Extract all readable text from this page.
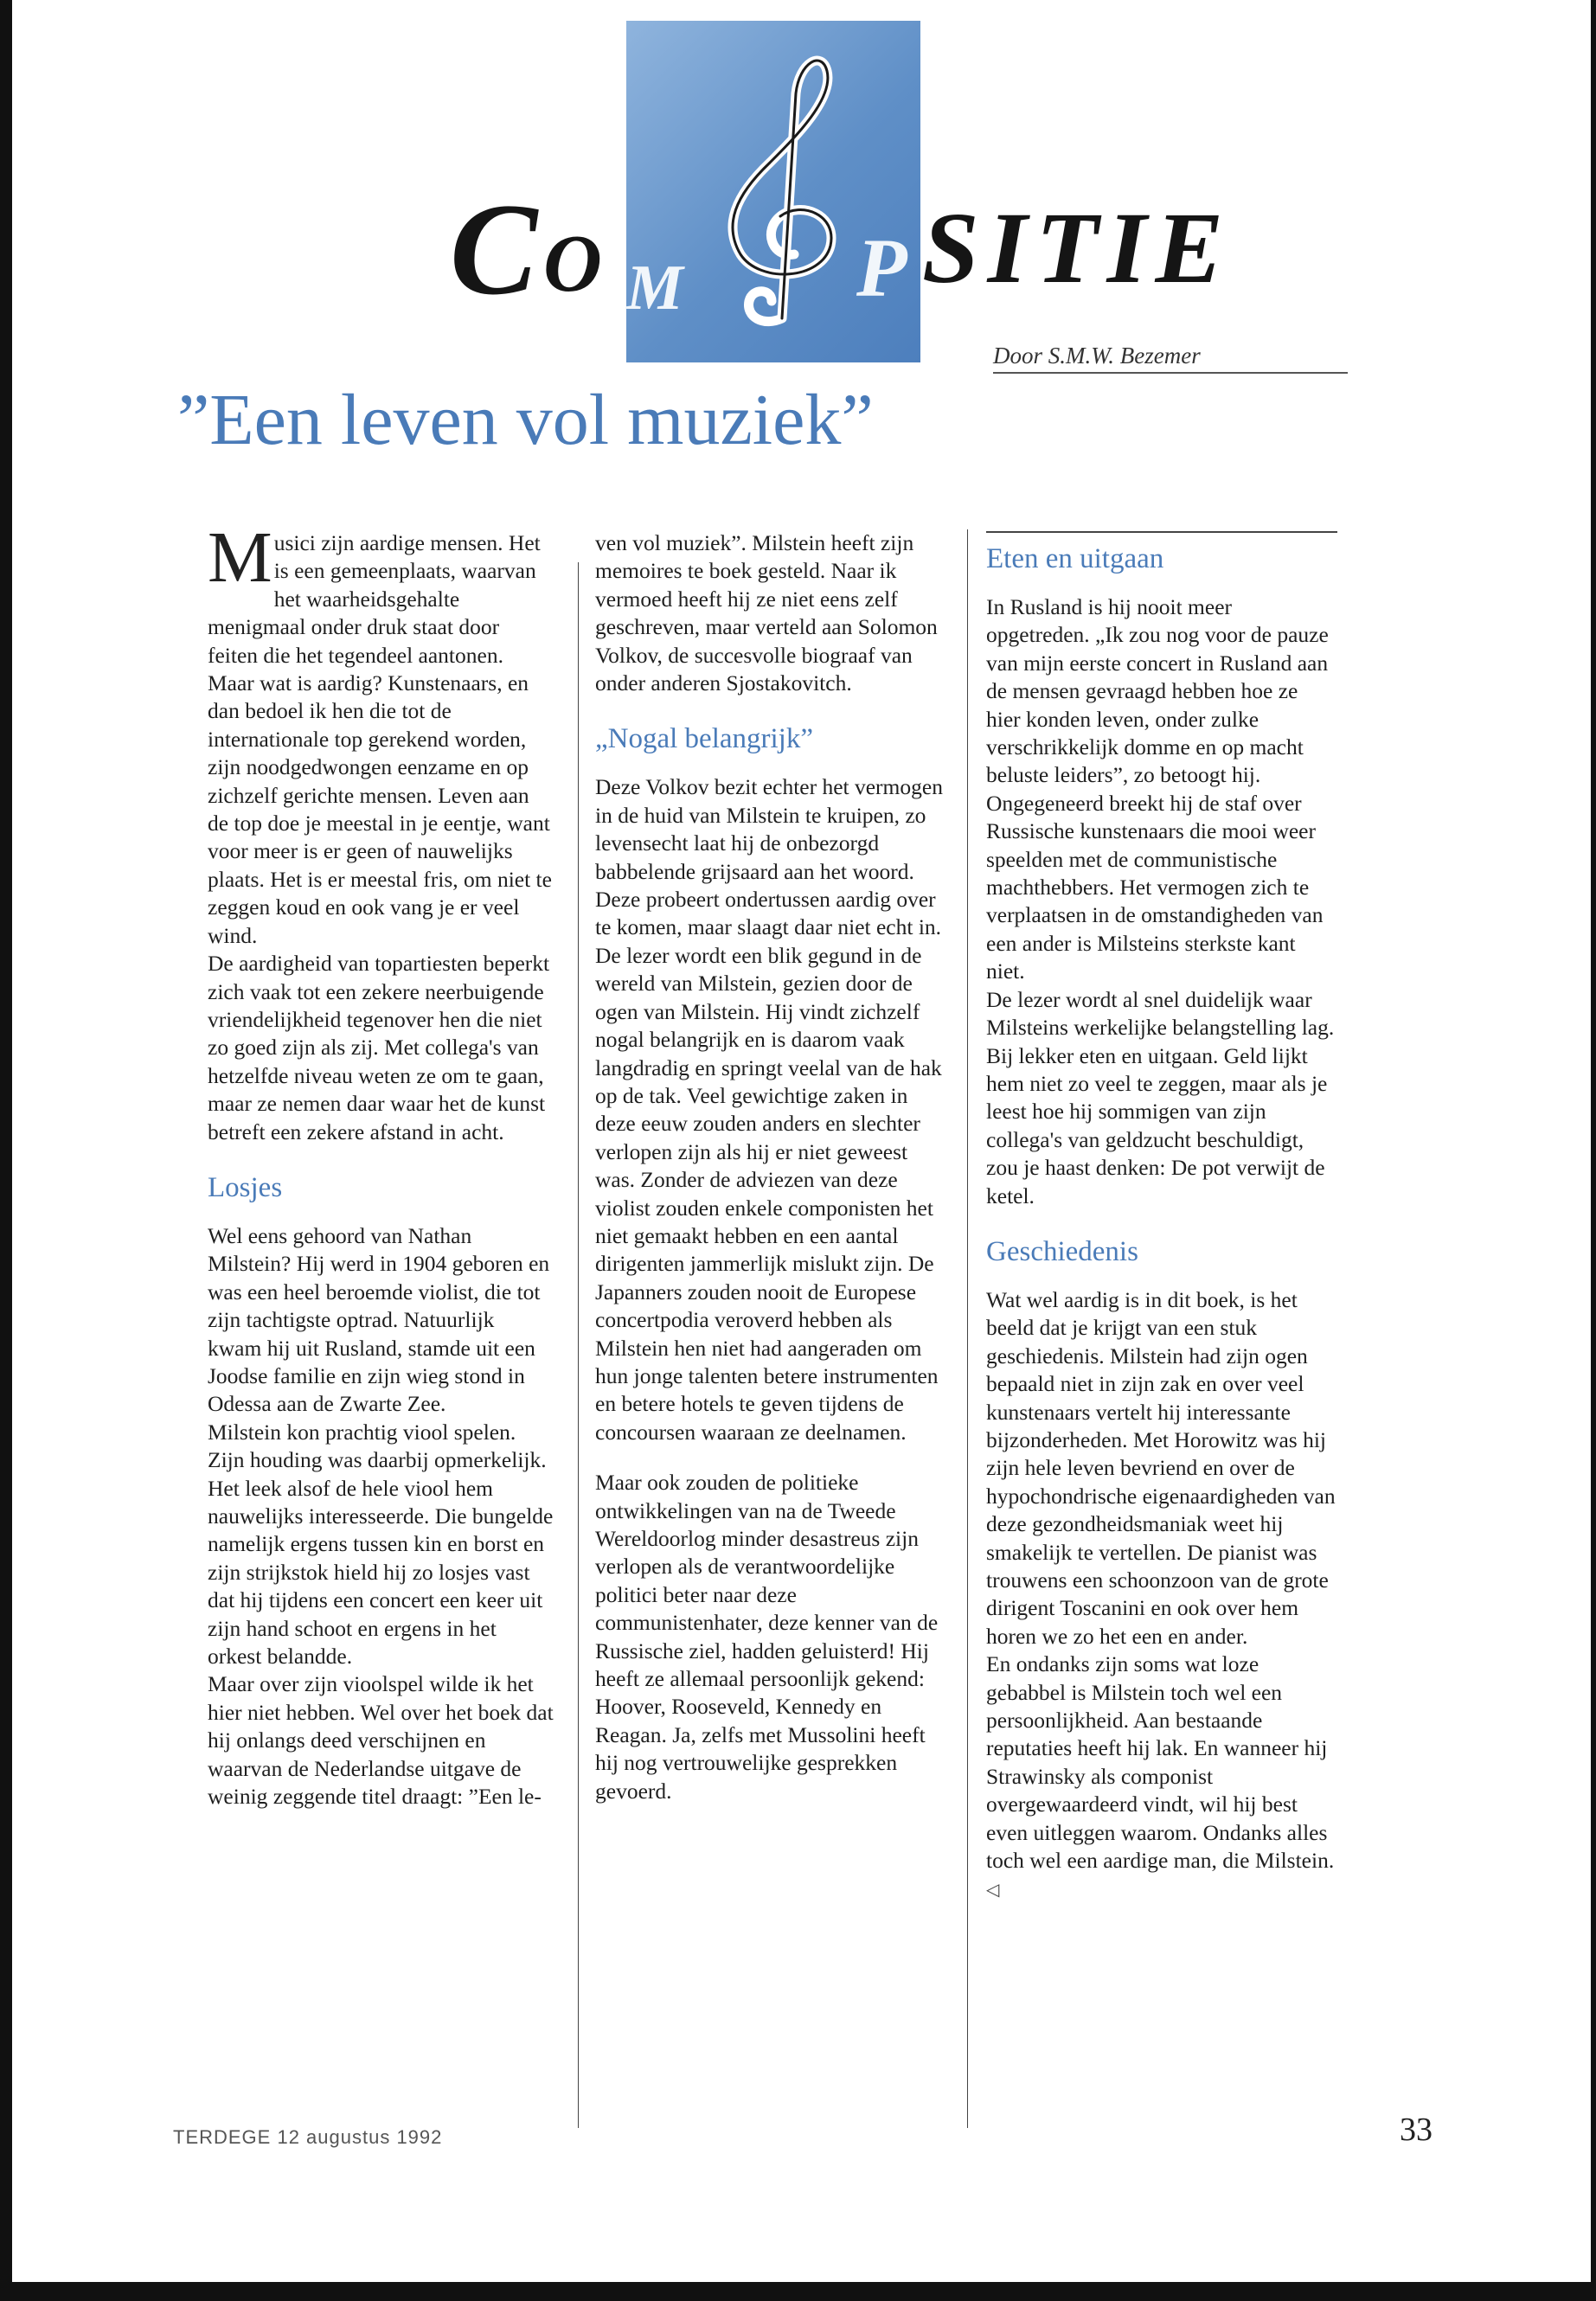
C O M P SITIE
Door S.M.W. Bezemer
”Een leven vol muziek”

Musici zijn aardige mensen. Het is een gemeenplaats, waarvan het waarheidsgehalte menigmaal onder druk staat door feiten die het tegendeel aantonen.

Maar wat is aardig? Kunstenaars, en dan bedoel ik hen die tot de internationale top gerekend worden, zijn noodgedwongen eenzame en op zichzelf gerichte mensen. Leven aan de top doe je meestal in je eentje, want voor meer is er geen of nauwelijks plaats. Het is er meestal fris, om niet te zeggen koud en ook vang je er veel wind.

De aardigheid van topartiesten beperkt zich vaak tot een zekere neerbuigende vriendelijkheid tegenover hen die niet zo goed zijn als zij. Met collega's van hetzelfde niveau weten ze om te gaan, maar ze nemen daar waar het de kunst betreft een zekere afstand in acht.

Losjes

Wel eens gehoord van Nathan Milstein? Hij werd in 1904 geboren en was een heel beroemde violist, die tot zijn tachtigste optrad. Natuurlijk kwam hij uit Rusland, stamde uit een Joodse familie en zijn wieg stond in Odessa aan de Zwarte Zee.

Milstein kon prachtig viool spelen. Zijn houding was daarbij opmerkelijk. Het leek alsof de hele viool hem nauwelijks interesseerde. Die bungelde namelijk ergens tussen kin en borst en zijn strijkstok hield hij zo losjes vast dat hij tijdens een concert een keer uit zijn hand schoot en ergens in het orkest belandde.

Maar over zijn vioolspel wilde ik het hier niet hebben. Wel over het boek dat hij onlangs deed verschijnen en waarvan de Nederlandse uitgave de weinig zeggende titel draagt: ”Een le-

ven vol muziek”. Milstein heeft zijn memoires te boek gesteld. Naar ik vermoed heeft hij ze niet eens zelf geschreven, maar verteld aan Solomon Volkov, de succesvolle biograaf van onder anderen Sjostakovitch.

„Nogal belangrijk”

Deze Volkov bezit echter het vermogen in de huid van Milstein te kruipen, zo levensecht laat hij de onbezorgd babbelende grijsaard aan het woord. Deze probeert ondertussen aardig over te komen, maar slaagt daar niet echt in. De lezer wordt een blik gegund in de wereld van Milstein, gezien door de ogen van Milstein. Hij vindt zichzelf nogal belangrijk en is daarom vaak langdradig en springt veelal van de hak op de tak. Veel gewichtige zaken in deze eeuw zouden anders en slechter verlopen zijn als hij er niet geweest was. Zonder de adviezen van deze violist zouden enkele componisten het niet gemaakt hebben en een aantal dirigenten jammerlijk mislukt zijn. De Japanners zouden nooit de Europese concertpodia veroverd hebben als Milstein hen niet had aangeraden om hun jonge talenten betere instrumenten en betere hotels te geven tijdens de concoursen waaraan ze deelnamen.

Maar ook zouden de politieke ontwikkelingen van na de Tweede Wereldoorlog minder desastreus zijn verlopen als de verantwoordelijke politici beter naar deze communistenhater, deze kenner van de Russische ziel, hadden geluisterd! Hij heeft ze allemaal persoonlijk gekend: Hoover, Rooseveld, Kennedy en Reagan. Ja, zelfs met Mussolini heeft hij nog vertrouwelijke gesprekken gevoerd.

Eten en uitgaan

In Rusland is hij nooit meer opgetreden. „Ik zou nog voor de pauze van mijn eerste concert in Rusland aan de mensen gevraagd hebben hoe ze hier konden leven, onder zulke verschrikkelijk domme en op macht beluste leiders”, zo betoogt hij. Ongegeneerd breekt hij de staf over Russische kunstenaars die mooi weer speelden met de communistische machthebbers. Het vermogen zich te verplaatsen in de omstandigheden van een ander is Milsteins sterkste kant niet.

De lezer wordt al snel duidelijk waar Milsteins werkelijke belangstelling lag. Bij lekker eten en uitgaan. Geld lijkt hem niet zo veel te zeggen, maar als je leest hoe hij sommigen van zijn collega's van geldzucht beschuldigt, zou je haast denken: De pot verwijt de ketel.

Geschiedenis

Wat wel aardig is in dit boek, is het beeld dat je krijgt van een stuk geschiedenis. Milstein had zijn ogen bepaald niet in zijn zak en over veel kunstenaars vertelt hij interessante bijzonderheden. Met Horowitz was hij zijn hele leven bevriend en over de hypochondrische eigenaardigheden van deze gezondheidsmaniak weet hij smakelijk te vertellen. De pianist was trouwens een schoonzoon van de grote dirigent Toscanini en ook over hem horen we zo het een en ander.

En ondanks zijn soms wat loze gebabbel is Milstein toch wel een persoonlijkheid. Aan bestaande reputaties heeft hij lak. En wanneer hij Strawinsky als componist overgewaardeerd vindt, wil hij best even uitleggen waarom. Ondanks alles toch wel een aardige man, die Milstein. ◁

TERDEGE 12 augustus 1992	33
